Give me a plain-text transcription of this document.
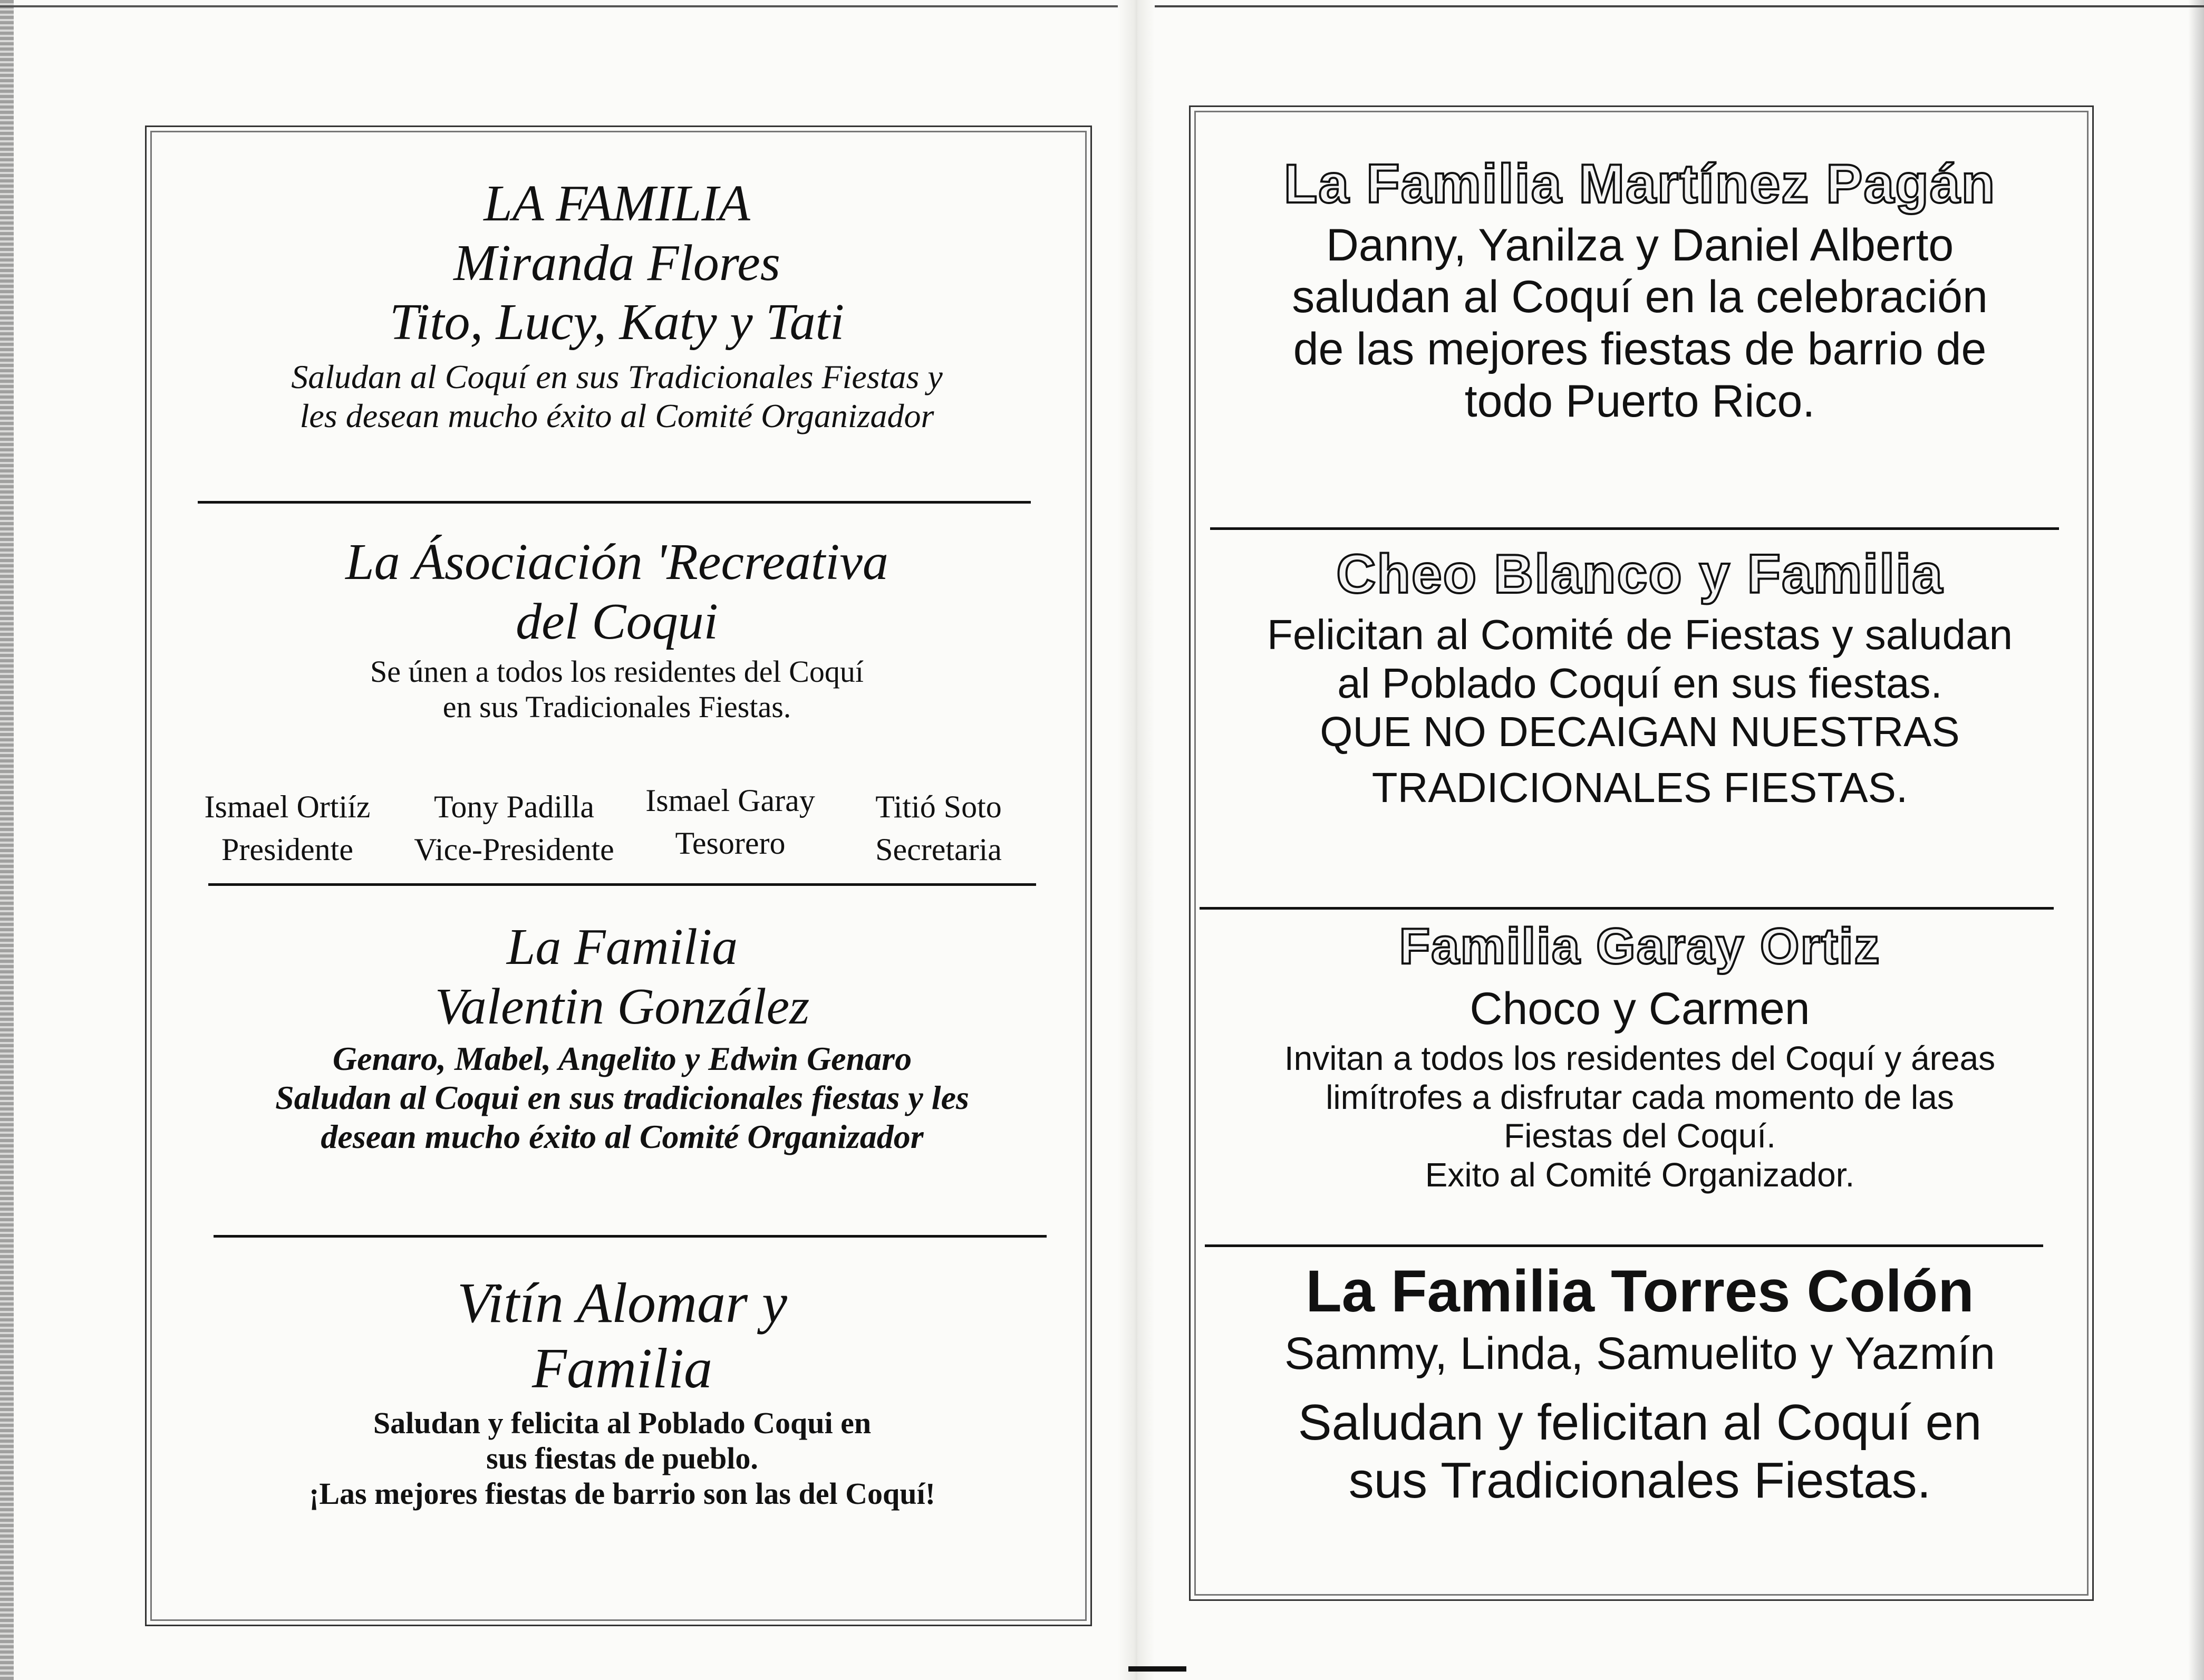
LA FAMILIA
Miranda Flores
Tito, Lucy, Katy y Tati
Saludan al Coquí en sus Tradicionales Fiestas y
les desean mucho éxito al Comité Organizador
La Ásociación 'Recreativa
del Coqui
Se únen a todos los residentes del Coquí
en sus Tradicionales Fiestas.
Ismael Ortiíz
Presidente
Tony Padilla
Vice-Presidente
Ismael Garay
Tesorero
Titió Soto
Secretaria
La Familia
Valentin González
Genaro, Mabel, Angelito y Edwin Genaro
Saludan al Coqui en sus tradicionales fiestas y les
desean mucho éxito al Comité Organizador
Vitín Alomar y
Familia
Saludan y felicita al Poblado Coqui en
sus fiestas de pueblo.
¡Las mejores fiestas de barrio son las del Coquí!
La Familia Martínez Pagán
Danny, Yanilza y Daniel Alberto
saludan al Coquí en la celebración
de las mejores fiestas de barrio de
todo Puerto Rico.
Cheo Blanco y Familia
Felicitan al Comité de Fiestas y saludan
al Poblado Coquí en sus fiestas.
QUE NO DECAIGAN NUESTRAS
TRADICIONALES FIESTAS.
Familia Garay Ortiz
Choco y Carmen
Invitan a todos los residentes del Coquí y áreas
limítrofes a disfrutar cada momento de las
Fiestas del Coquí.
Exito al Comité Organizador.
La Familia Torres Colón
Sammy, Linda, Samuelito y Yazmín
Saludan y felicitan al Coquí en
sus Tradicionales Fiestas.
